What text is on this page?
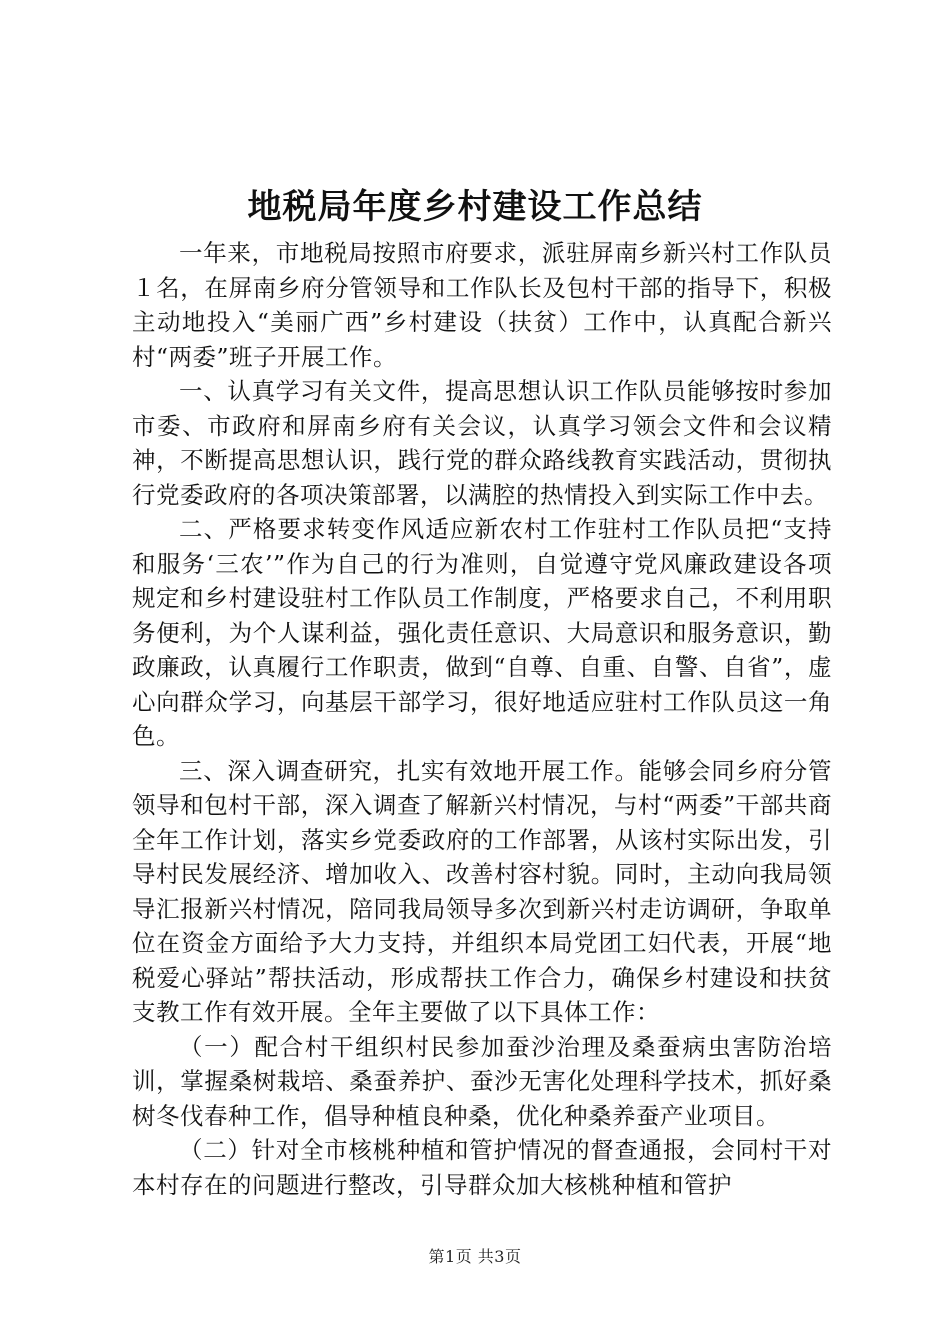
地税局年度乡村建设工作总结

一年来，市地税局按照市府要求，派驻屏南乡新兴村工作队员１名，在屏南乡府分管领导和工作队长及包村干部的指导下，积极主动地投入“美丽广西”乡村建设（扶贫）工作中，认真配合新兴村“两委”班子开展工作。

一、认真学习有关文件，提高思想认识工作队员能够按时参加市委、市政府和屏南乡府有关会议，认真学习领会文件和会议精神，不断提高思想认识，践行党的群众路线教育实践活动，贯彻执行党委政府的各项决策部署，以满腔的热情投入到实际工作中去。

二、严格要求转变作风适应新农村工作驻村工作队员把“支持和服务‘三农’”作为自己的行为准则，自觉遵守党风廉政建设各项规定和乡村建设驻村工作队员工作制度，严格要求自己，不利用职务便利，为个人谋利益，强化责任意识、大局意识和服务意识，勤政廉政，认真履行工作职责，做到“自尊、自重、自警、自省”，虚心向群众学习，向基层干部学习，很好地适应驻村工作队员这一角色。

三、深入调查研究，扎实有效地开展工作。能够会同乡府分管领导和包村干部，深入调查了解新兴村情况，与村“两委”干部共商全年工作计划，落实乡党委政府的工作部署，从该村实际出发，引导村民发展经济、增加收入、改善村容村貌。同时，主动向我局领导汇报新兴村情况，陪同我局领导多次到新兴村走访调研，争取单位在资金方面给予大力支持，并组织本局党团工妇代表，开展“地税爱心驿站”帮扶活动，形成帮扶工作合力，确保乡村建设和扶贫支教工作有效开展。全年主要做了以下具体工作：

（一）配合村干组织村民参加蚕沙治理及桑蚕病虫害防治培训，掌握桑树栽培、桑蚕养护、蚕沙无害化处理科学技术，抓好桑树冬伐春种工作，倡导种植良种桑，优化种桑养蚕产业项目。

（二）针对全市核桃种植和管护情况的督查通报，会同村干对本村存在的问题进行整改，引导群众加大核桃种植和管护

第1页 共3页
